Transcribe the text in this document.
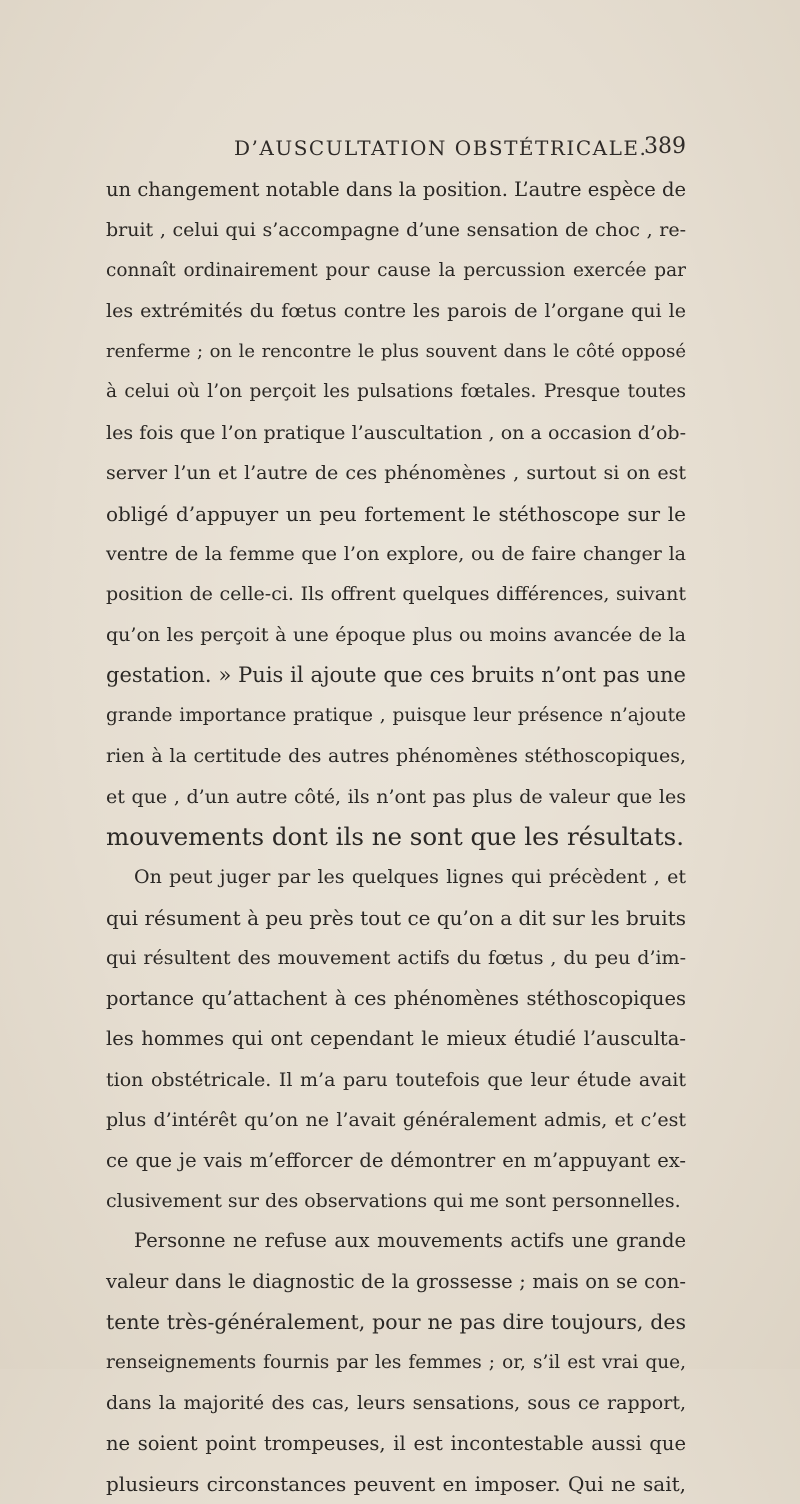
D’AUSCULTATION OBSTÉTRICALE.
389
un changement notable dans la position. L’autre espèce de
bruit , celui qui s’accompagne d’une sensation de choc , re-
connaît ordinairement pour cause la percussion exercée par
les extrémités du fœtus contre les parois de l’organe qui le
renferme ; on le rencontre le plus souvent dans le côté opposé
à celui où l’on perçoit les pulsations fœtales. Presque toutes
les fois que l’on pratique l’auscultation , on a occasion d’ob-
server l’un et l’autre de ces phénomènes , surtout si on est
obligé d’appuyer un peu fortement le stéthoscope sur le
ventre de la femme que l’on explore, ou de faire changer la
position de celle-ci. Ils offrent quelques différences, suivant
qu’on les perçoit à une époque plus ou moins avancée de la
gestation. » Puis il ajoute que ces bruits n’ont pas une
grande importance pratique , puisque leur présence n’ajoute
rien à la certitude des autres phénomènes stéthoscopiques,
et que , d’un autre côté, ils n’ont pas plus de valeur que les
mouvements dont ils ne sont que les résultats.
On peut juger par les quelques lignes qui précèdent , et
qui résument à peu près tout ce qu’on a dit sur les bruits
qui résultent des mouvement actifs du fœtus , du peu d’im-
portance qu’attachent à ces phénomènes stéthoscopiques
les hommes qui ont cependant le mieux étudié l’ausculta-
tion obstétricale. Il m’a paru toutefois que leur étude avait
plus d’intérêt qu’on ne l’avait généralement admis, et c’est
ce que je vais m’efforcer de démontrer en m’appuyant ex-
clusivement sur des observations qui me sont personnelles.
Personne ne refuse aux mouvements actifs une grande
valeur dans le diagnostic de la grossesse ; mais on se con-
tente très-généralement, pour ne pas dire toujours, des
renseignements fournis par les femmes ; or, s’il est vrai que,
dans la majorité des cas, leurs sensations, sous ce rapport,
ne soient point trompeuses, il est incontestable aussi que
plusieurs circonstances peuvent en imposer. Qui ne sait,
